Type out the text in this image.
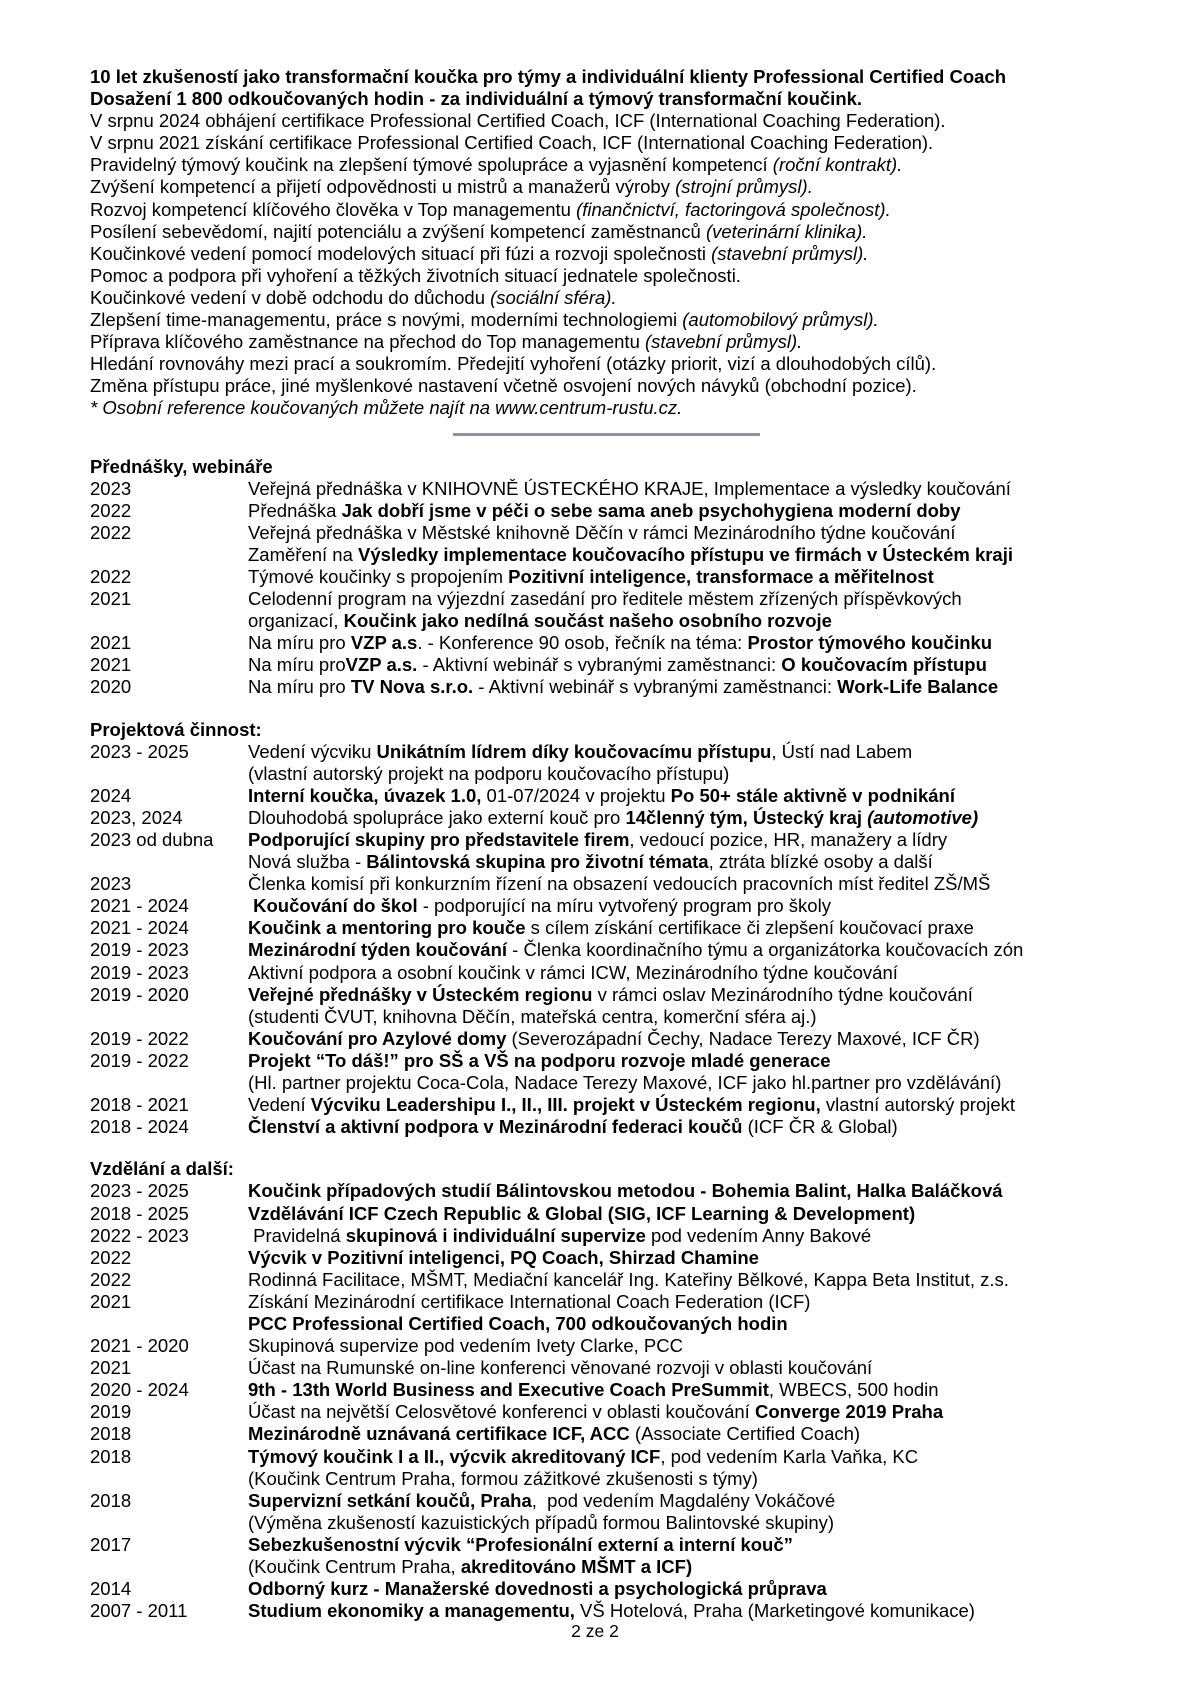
10 let zkušeností jako transformační koučka pro týmy a individuální klienty Professional Certified Coach
Dosažení 1 800 odkoučovaných hodin - za individuální a týmový transformační koučink.
V srpnu 2024 obhájení certifikace Professional Certified Coach, ICF (International Coaching Federation).
V srpnu 2021 získání certifikace Professional Certified Coach, ICF (International Coaching Federation).
Pravidelný týmový koučink na zlepšení týmové spolupráce a vyjasnění kompetencí (roční kontrakt).
Zvýšení kompetencí a přijetí odpovědnosti u mistrů a manažerů výroby (strojní průmysl).
Rozvoj kompetencí klíčového člověka v Top managementu (finančnictví, factoringová společnost).
Posílení sebevědomí, najití potenciálu a zvýšení kompetencí zaměstnanců (veterinární klinika).
Koučinkové vedení pomocí modelových situací při fúzi a rozvoji společnosti (stavební průmysl).
Pomoc a podpora při vyhoření a těžkých životních situací jednatele společnosti.
Koučinkové vedení v době odchodu do důchodu (sociální sféra).
Zlepšení time-managementu, práce s novými, moderními technologiemi (automobilový průmysl).
Příprava klíčového zaměstnance na přechod do Top managementu (stavební průmysl).
Hledání rovnováhy mezi prací a soukromím. Předejití vyhoření (otázky priorit, vizí a dlouhodobých cílů).
Změna přístupu práce, jiné myšlenkové nastavení včetně osvojení nových návyků (obchodní pozice).
* Osobní reference koučovaných můžete najít na www.centrum-rustu.cz.
Přednášky, webináře
2023	Veřejná přednáška v KNIHOVNĚ ÚSTECKÉHO KRAJE, Implementace a výsledky koučování
2022	Přednáška Jak dobří jsme v péči o sebe sama aneb psychohygiena moderní doby
2022	Veřejná přednáška v Městské knihovně Děčín v rámci Mezinárodního týdne koučování
Zaměření na Výsledky implementace koučovacího přístupu ve firmách v Ústeckém kraji
2022	Týmové koučinky s propojením Pozitivní inteligence, transformace a měřitelnost
2021	Celodenní program na výjezdní zasedání pro ředitele městem zřízených příspěvkových
organizací, Koučink jako nedílná součást našeho osobního rozvoje
2021	Na míru pro VZP a.s. - Konference 90 osob, řečník na téma: Prostor týmového koučinku
2021	Na míru proVZP a.s. - Aktivní webinář s vybranými zaměstnanci: O koučovacím přístupu
2020	Na míru pro TV Nova s.r.o. - Aktivní webinář s vybranými zaměstnanci: Work-Life Balance
Projektová činnost:
2023 - 2025	Vedení výcviku Unikátním lídrem díky koučovacímu přístupu, Ústí nad Labem
(vlastní autorský projekt na podporu koučovacího přístupu)
2024	Interní koučka, úvazek 1.0, 01-07/2024 v projektu Po 50+ stále aktivně v podnikání
2023, 2024	Dlouhodobá spolupráce jako externí kouč pro 14členný tým, Ústecký kraj (automotive)
2023 od dubna	Podporující skupiny pro představitele firem, vedoucí pozice, HR, manažery a lídry
Nová služba - Bálintovská skupina pro životní témata, ztráta blízké osoby a další
2023	Členka komisí při konkurzním řízení na obsazení vedoucích pracovních míst ředitel ZŠ/MŠ
2021 - 2024	Koučování do škol - podporující na míru vytvořený program pro školy
2021 - 2024	Koučink a mentoring pro kouče s cílem získání certifikace či zlepšení koučovací praxe
2019 - 2023	Mezinárodní týden koučování - Členka koordinačního týmu a organizátorka koučovacích zón
2019 - 2023	Aktivní podpora a osobní koučink v rámci ICW, Mezinárodního týdne koučování
2019 - 2020	Veřejné přednášky v Ústeckém regionu v rámci oslav Mezinárodního týdne koučování
(studenti ČVUT, knihovna Děčín, mateřská centra, komerční sféra aj.)
2019 - 2022	Koučování pro Azylové domy (Severozápadní Čechy, Nadace Terezy Maxové, ICF ČR)
2019 - 2022	Projekt “To dáš!” pro SŠ a VŠ na podporu rozvoje mladé generace
(Hl. partner projektu Coca-Cola, Nadace Terezy Maxové, ICF jako hl.partner pro vzdělávání)
2018 - 2021	Vedení Výcviku Leadershipu I., II., III. projekt v Ústeckém regionu, vlastní autorský projekt
2018 - 2024	Členství a aktivní podpora v Mezinárodní federaci koučů (ICF ČR & Global)
Vzdělání a další:
2023 - 2025	Koučink případových studií Bálintovskou metodou - Bohemia Balint, Halka Baláčková
2018 - 2025	Vzdělávání ICF Czech Republic & Global (SIG, ICF Learning & Development)
2022 - 2023	Pravidelná skupinová i individuální supervize pod vedením Anny Bakové
2022	Výcvik v Pozitivní inteligenci, PQ Coach, Shirzad Chamine
2022	Rodinná Facilitace, MŠMT, Mediační kancelář Ing. Kateřiny Bělkové, Kappa Beta Institut, z.s.
2021	Získání Mezinárodní certifikace International Coach Federation (ICF)
PCC Professional Certified Coach, 700 odkoučovaných hodin
2021 - 2020	Skupinová supervize pod vedením Ivety Clarke, PCC
2021	Účast na Rumunské on-line konferenci věnované rozvoji v oblasti koučování
2020 - 2024	9th - 13th World Business and Executive Coach PreSummit, WBECS, 500 hodin
2019	Účast na největší Celosvětové konferenci v oblasti koučování Converge 2019 Praha
2018	Mezinárodně uznávaná certifikace ICF, ACC (Associate Certified Coach)
2018	Týmový koučink I a II., výcvik akreditovaný ICF, pod vedením Karla Vaňka, KC
(Koučink Centrum Praha, formou zážitkové zkušenosti s týmy)
2018	Supervizní setkání koučů, Praha,  pod vedením Magdalény Vokáčové
(Výměna zkušeností kazuistických případů formou Balintovské skupiny)
2017	Sebezkušenostní výcvik “Profesionální externí a interní kouč”
(Koučink Centrum Praha, akreditováno MŠMT a ICF)
2014	Odborný kurz - Manažerské dovednosti a psychologická průprava
2007 - 2011	Studium ekonomiky a managementu, VŠ Hotelová, Praha (Marketingové komunikace)
2 ze 2
